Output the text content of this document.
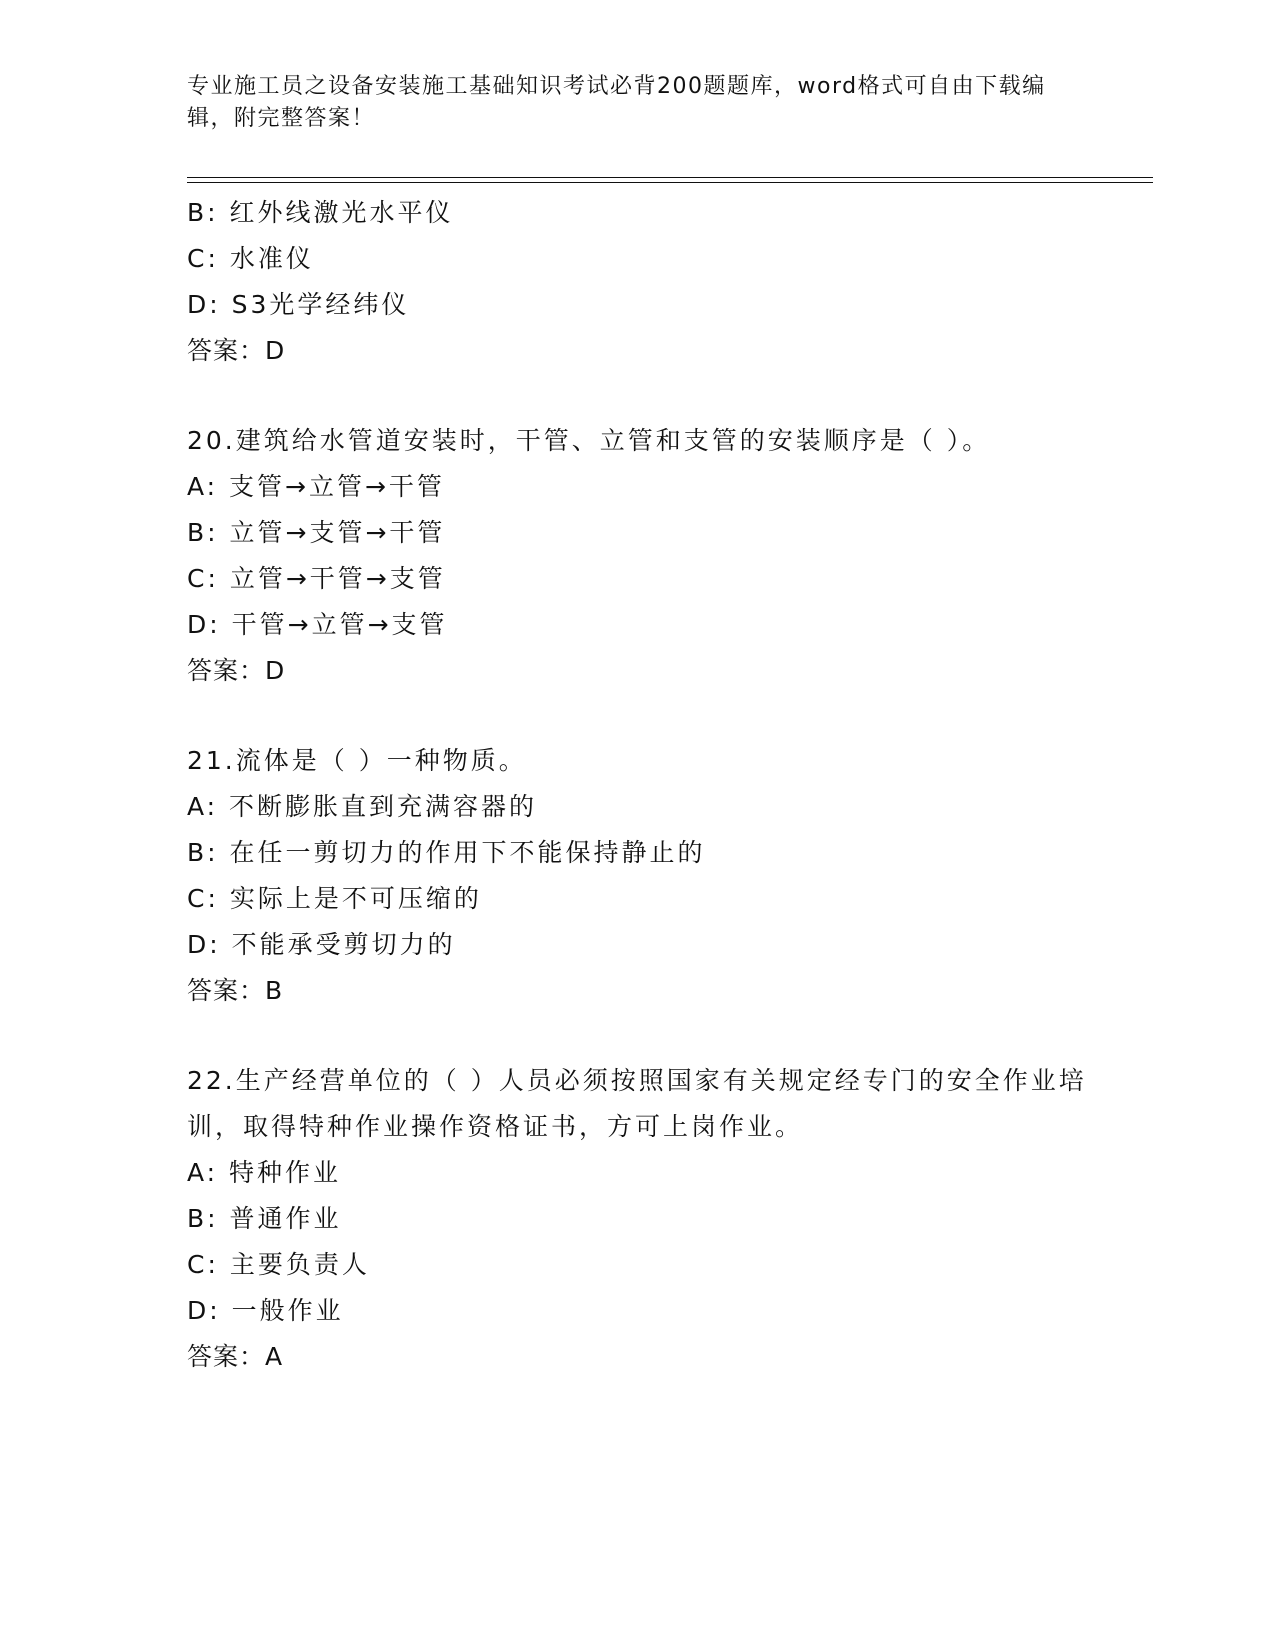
专业施工员之设备安装施工基础知识考试必背200题题库，word格式可自由下载编辑，附完整答案！
B: 红外线激光水平仪
C: 水准仪
D: S3光学经纬仪
答案：D
20.建筑给水管道安装时，干管、立管和支管的安装顺序是（ ）。
A: 支管→立管→干管
B: 立管→支管→干管
C: 立管→干管→支管
D: 干管→立管→支管
答案：D
21.流体是（ ）一种物质。
A: 不断膨胀直到充满容器的
B: 在任一剪切力的作用下不能保持静止的
C: 实际上是不可压缩的
D: 不能承受剪切力的
答案：B
22.生产经营单位的（ ）人员必须按照国家有关规定经专门的安全作业培训，取得特种作业操作资格证书，方可上岗作业。
A: 特种作业
B: 普通作业
C: 主要负责人
D: 一般作业
答案：A
